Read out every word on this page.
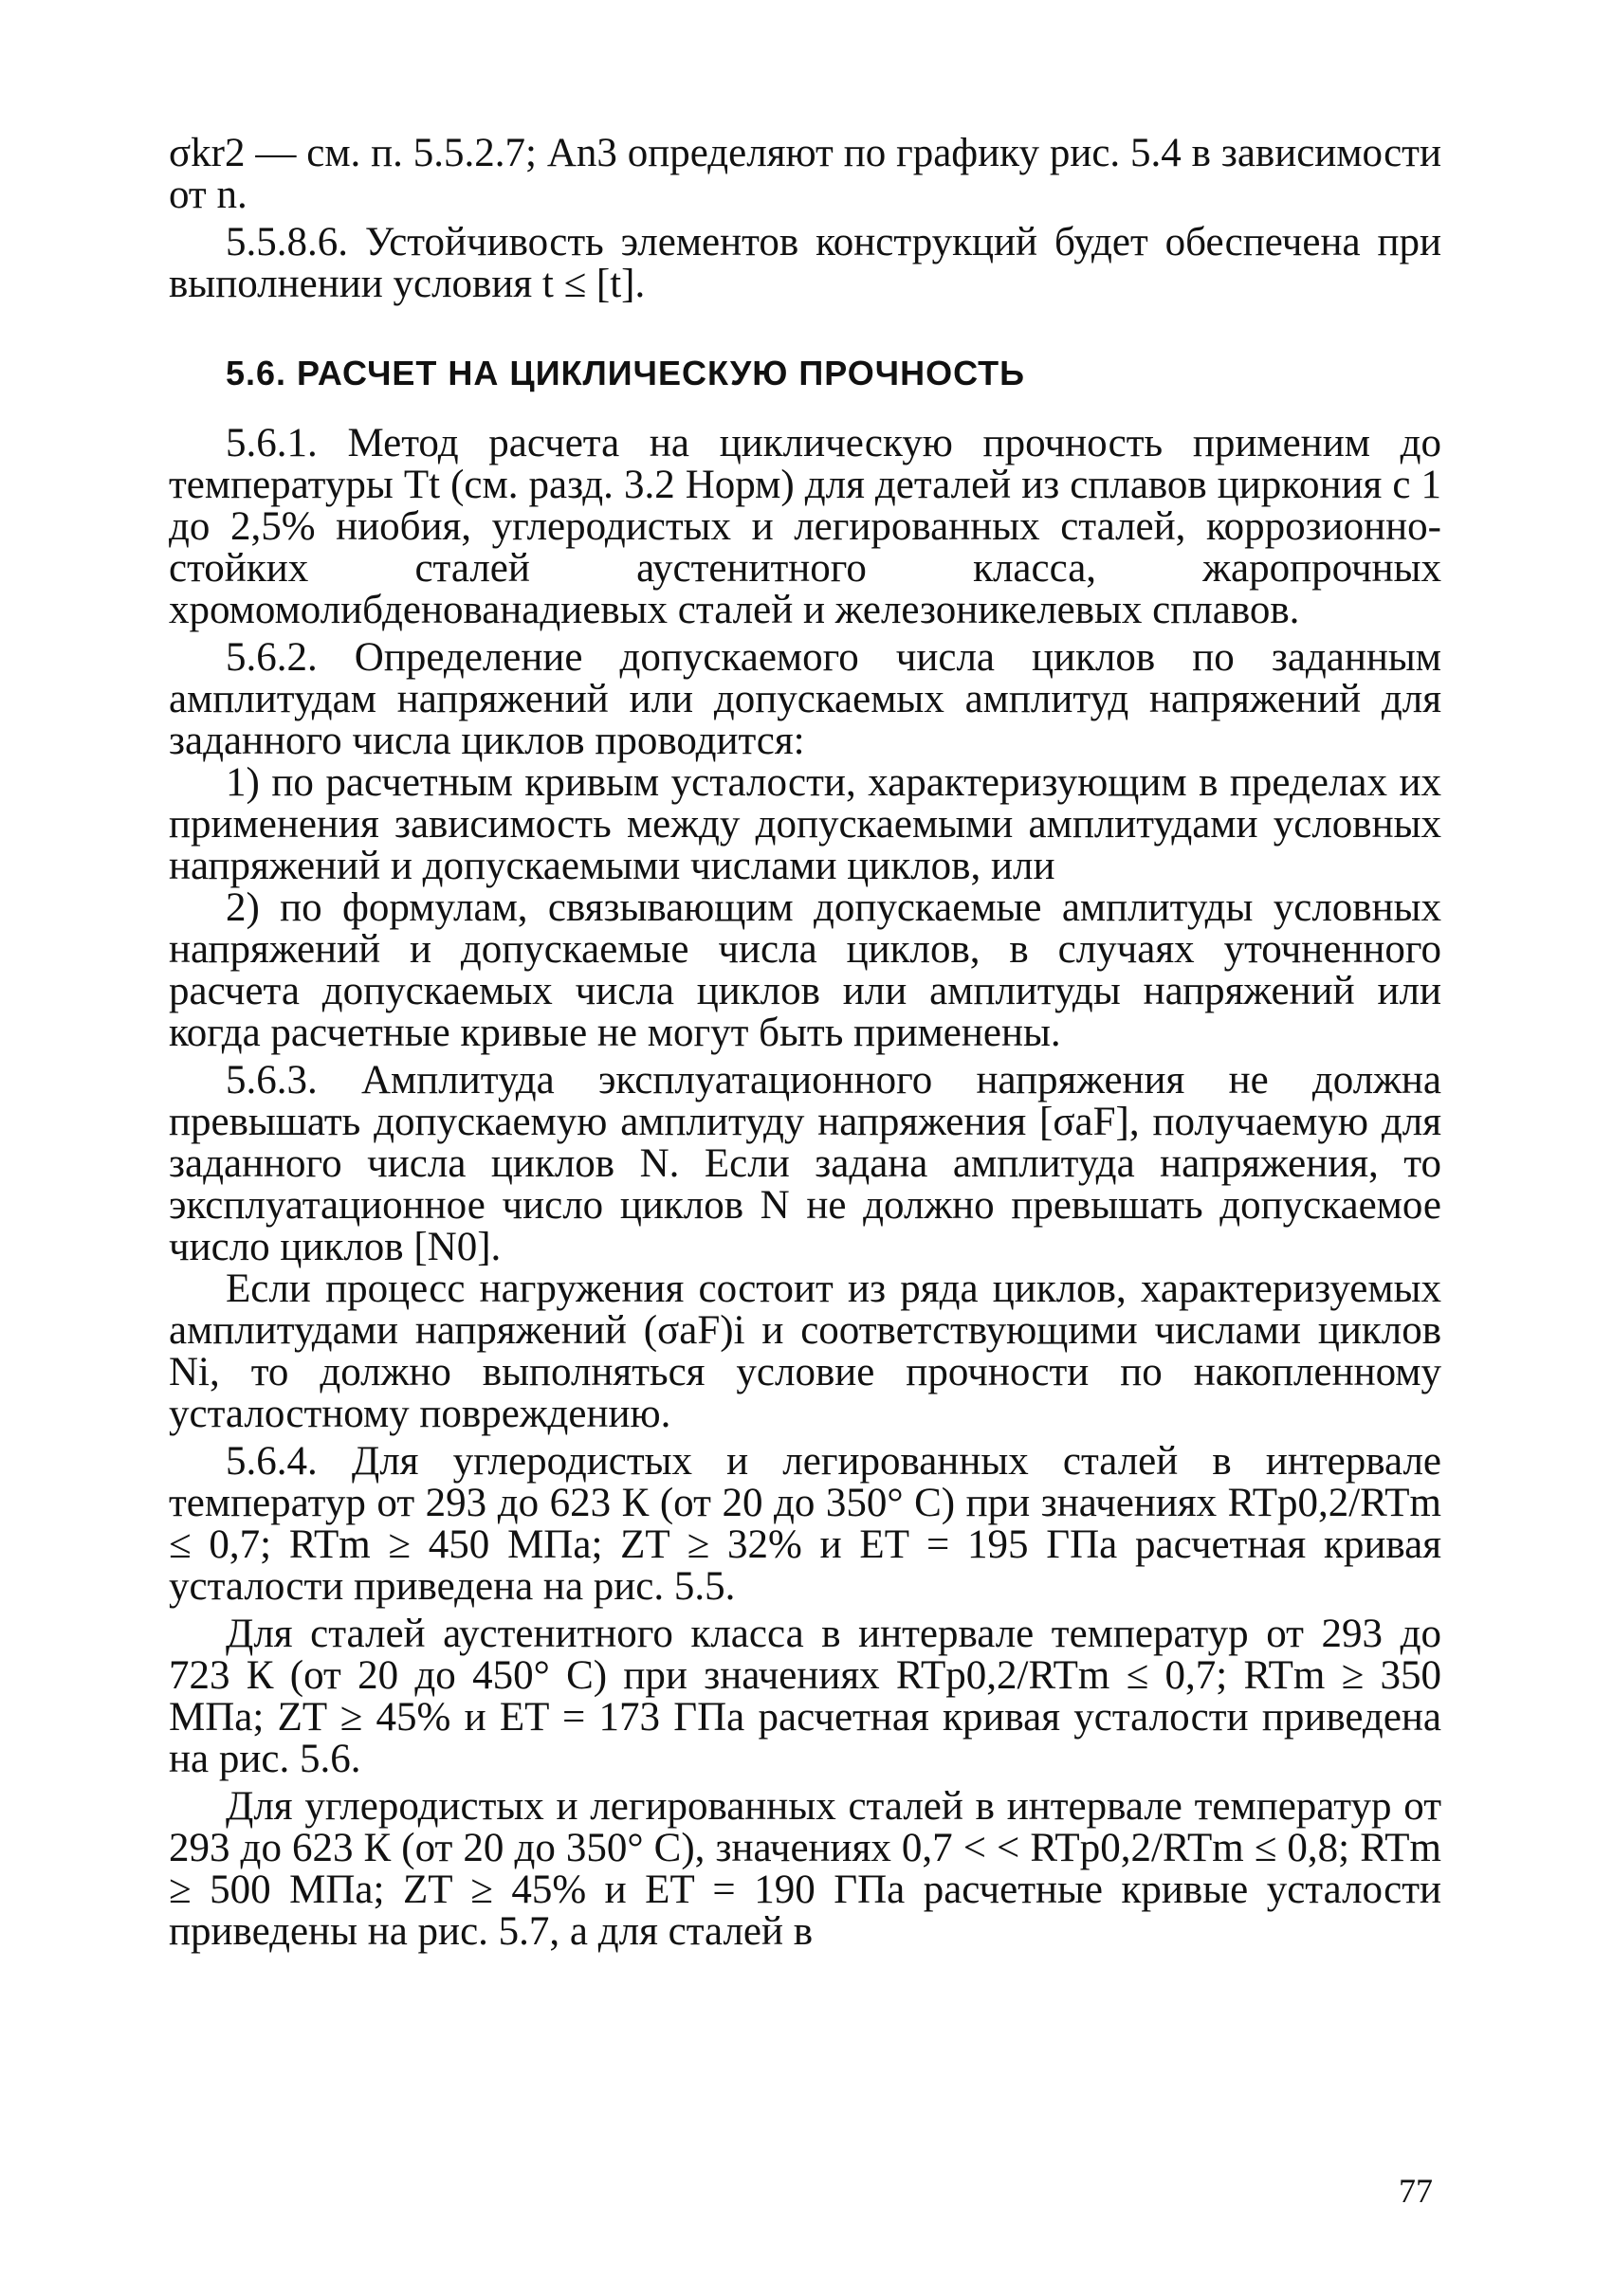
σkr2 — см. п. 5.5.2.7; An3 определяют по графику рис. 5.4 в зависимости от n.

5.5.8.6. Устойчивость элементов конструкций будет обеспечена при выполнении условия t ≤ [t].

5.6. РАСЧЕТ НА ЦИКЛИЧЕСКУЮ ПРОЧНОСТЬ

5.6.1. Метод расчета на циклическую прочность применим до температуры Tt (см. разд. 3.2 Норм) для деталей из сплавов циркония с 1 до 2,5% ниобия, углеродистых и легированных сталей, коррозионно-стойких сталей аустенитного класса, жаропрочных хромомолибденованадиевых сталей и железоникелевых сплавов.

5.6.2. Определение допускаемого числа циклов по заданным амплитудам напряжений или допускаемых амплитуд напряжений для заданного числа циклов проводится:

1) по расчетным кривым усталости, характеризующим в пределах их применения зависимость между допускаемыми амплитудами условных напряжений и допускаемыми числами циклов, или

2) по формулам, связывающим допускаемые амплитуды условных напряжений и допускаемые числа циклов, в случаях уточненного расчета допускаемых числа циклов или амплитуды напряжений или когда расчетные кривые не могут быть применены.

5.6.3. Амплитуда эксплуатационного напряжения не должна превышать допускаемую амплитуду напряжения [σaF], получаемую для заданного числа циклов N. Если задана амплитуда напряжения, то эксплуатационное число циклов N не должно превышать допускаемое число циклов [N0].

Если процесс нагружения состоит из ряда циклов, характеризуемых амплитудами напряжений (σaF)i и соответствующими числами циклов Ni, то должно выполняться условие прочности по накопленному усталостному повреждению.

5.6.4. Для углеродистых и легированных сталей в интервале температур от 293 до 623 К (от 20 до 350° С) при значениях RTp0,2/RTm ≤ 0,7; RTm ≥ 450 МПа; ZT ≥ 32% и ET = 195 ГПа расчетная кривая усталости приведена на рис. 5.5.

Для сталей аустенитного класса в интервале температур от 293 до 723 К (от 20 до 450° С) при значениях RTp0,2/RTm ≤ 0,7; RTm ≥ 350 МПа; ZT ≥ 45% и ET = 173 ГПа расчетная кривая усталости приведена на рис. 5.6.

Для углеродистых и легированных сталей в интервале температур от 293 до 623 К (от 20 до 350° С), значениях 0,7 < < RTp0,2/RTm ≤ 0,8; RTm ≥ 500 МПа; ZT ≥ 45% и ET = 190 ГПа расчетные кривые усталости приведены на рис. 5.7, а для сталей в

77
